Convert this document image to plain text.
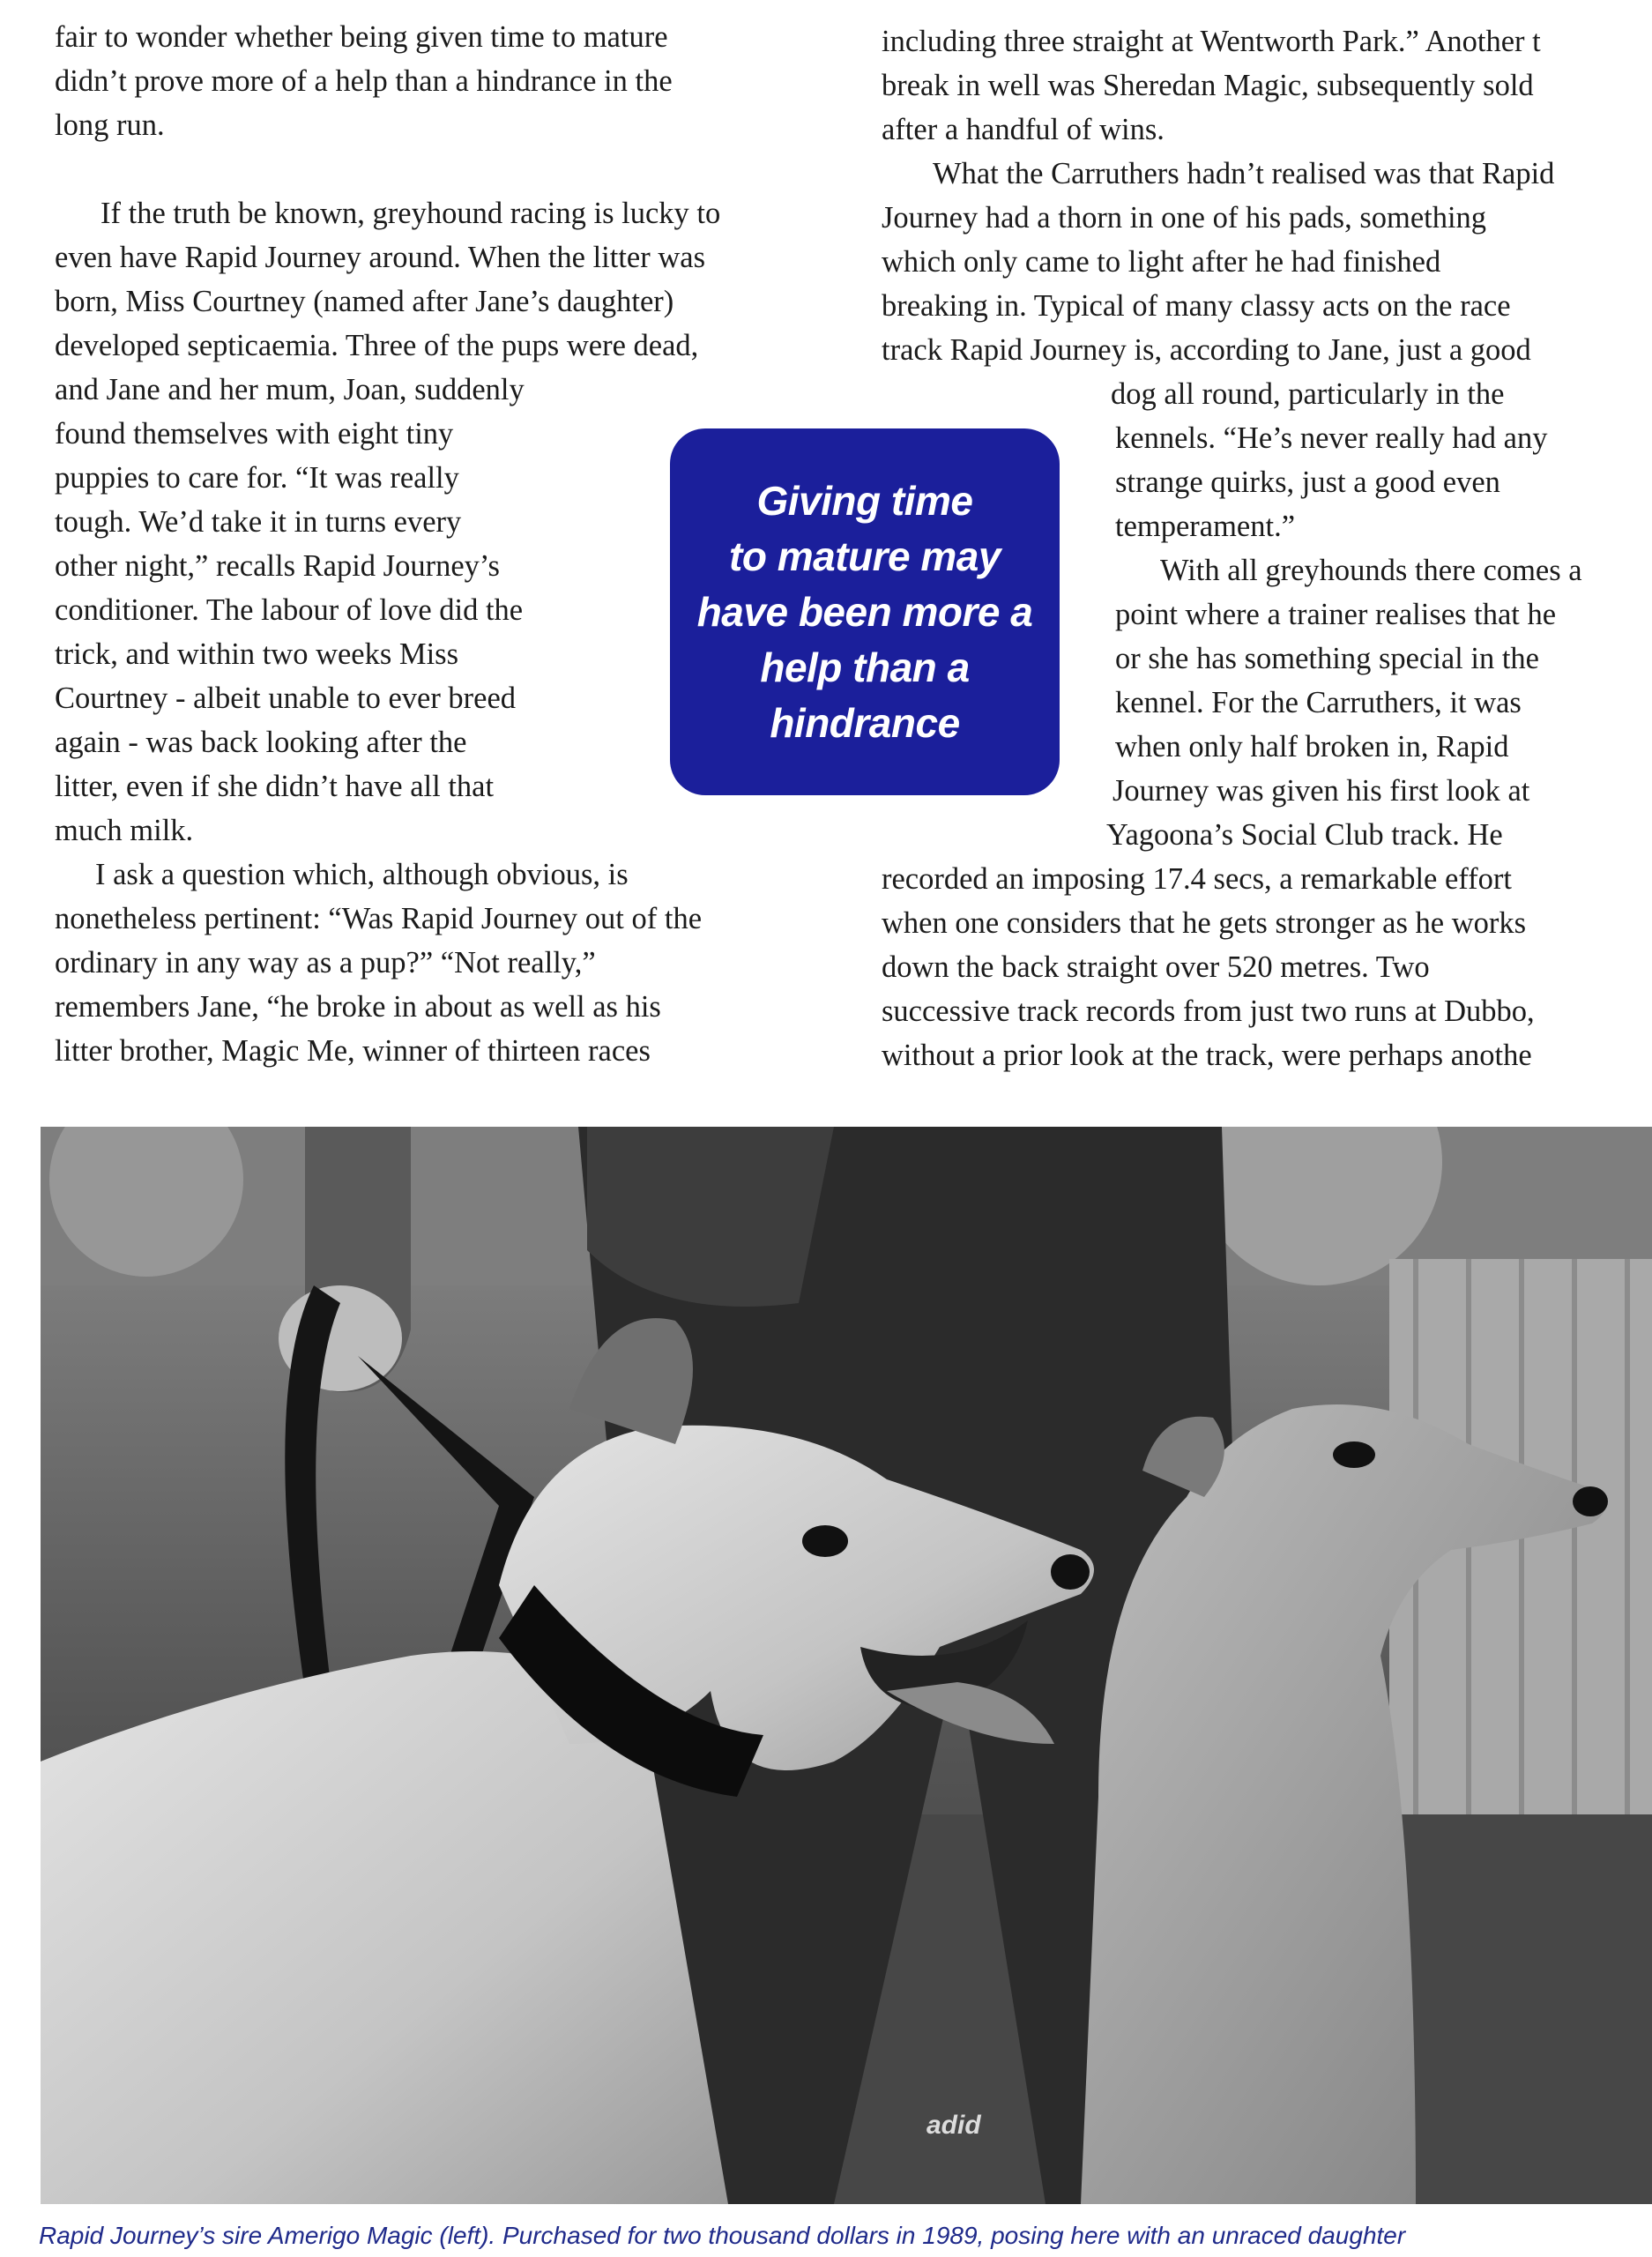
fair to wonder whether being given time to mature
didn’t prove more of a help than a hindrance in the
long run.

If the truth be known, greyhound racing is lucky to
even have Rapid Journey around. When the litter was
born, Miss Courtney (named after Jane’s daughter)
developed septicaemia. Three of the pups were dead,
and Jane and her mum, Joan, suddenly
found themselves with eight tiny
puppies to care for. “It was really
tough. We’d take it in turns every
other night,” recalls Rapid Journey’s
conditioner. The labour of love did the
trick, and within two weeks Miss
Courtney - albeit unable to ever breed
again - was back looking after the
litter, even if she didn’t have all that
much milk.

I ask a question which, although obvious, is
nonetheless pertinent: “Was Rapid Journey out of the
ordinary in any way as a pup?” “Not really,”
remembers Jane, “he broke in about as well as his
litter brother, Magic Me, winner of thirteen races

including three straight at Wentworth Park.” Another t
break in well was Sheredan Magic, subsequently sold
after a handful of wins.

What the Carruthers hadn’t realised was that Rapid
Journey had a thorn in one of his pads, something
which only came to light after he had finished
breaking in. Typical of many classy acts on the race
track Rapid Journey is, according to Jane, just a good
dog all round, particularly in the
kennels. “He’s never really had any
strange quirks, just a good even
temperament.”

With all greyhounds there comes a
point where a trainer realises that he
or she has something special in the
kennel. For the Carruthers, it was
when only half broken in, Rapid
Journey was given his first look at
Yagoona’s Social Club track. He
recorded an imposing 17.4 secs, a remarkable effort
when one considers that he gets stronger as he works
down the back straight over 520 metres. Two
successive track records from just two runs at Dubbo,
without a prior look at the track, were perhaps anothe

Giving time
to mature may
have been more a
help than a
hindrance
adid
Rapid Journey’s sire Amerigo Magic (left). Purchased for two thousand dollars in 1989, posing here with an unraced daughter
